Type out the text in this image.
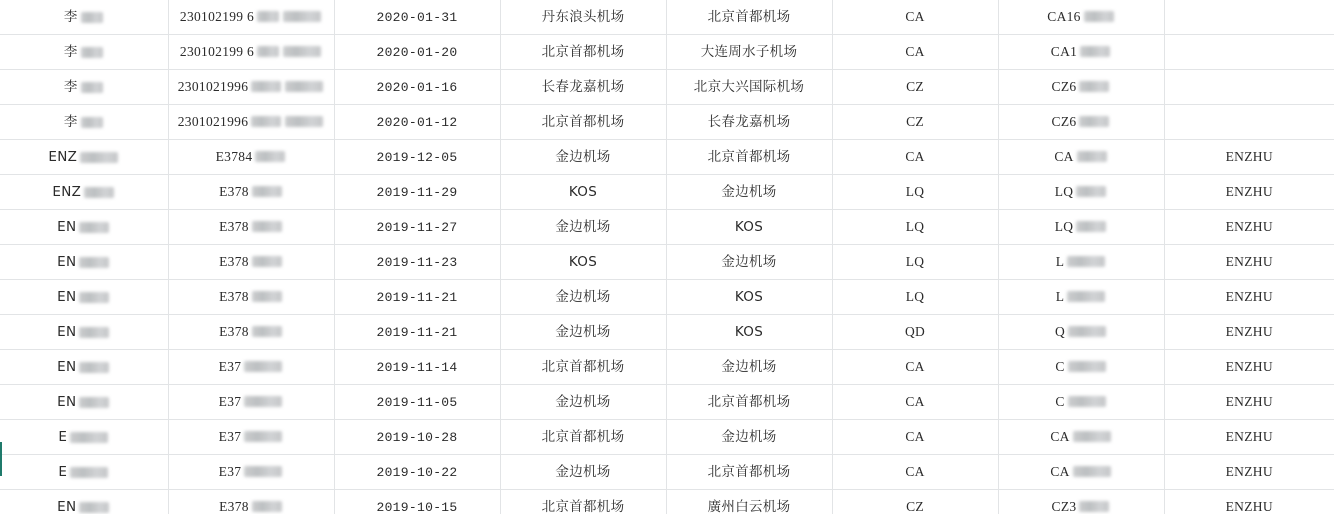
李	230102199 6	2020-01-31	丹东浪头机场	北京首都机场	CA	CA16	

李	230102199 6	2020-01-20	北京首都机场	大连周水子机场	CA	CA1	

李	2301021996	2020-01-16	长春龙嘉机场	北京大兴国际机场	CZ	CZ6	

李	2301021996	2020-01-12	北京首都机场	长春龙嘉机场	CZ	CZ6	

ENZ	E3784	2019-12-05	金边机场	北京首都机场	CA	CA	ENZHU

ENZ	E378	2019-11-29	KOS	金边机场	LQ	LQ	ENZHU

EN	E378	2019-11-27	金边机场	KOS	LQ	LQ	ENZHU

EN	E378	2019-11-23	KOS	金边机场	LQ	L	ENZHU

EN	E378	2019-11-21	金边机场	KOS	LQ	L	ENZHU

EN	E378	2019-11-21	金边机场	KOS	QD	Q	ENZHU

EN	E37	2019-11-14	北京首都机场	金边机场	CA	C	ENZHU

EN	E37	2019-11-05	金边机场	北京首都机场	CA	C	ENZHU

E	E37	2019-10-28	北京首都机场	金边机场	CA	CA	ENZHU

E	E37	2019-10-22	金边机场	北京首都机场	CA	CA	ENZHU

EN	E378	2019-10-15	北京首都机场	廣州白云机场	CZ	CZ3	ENZHU
